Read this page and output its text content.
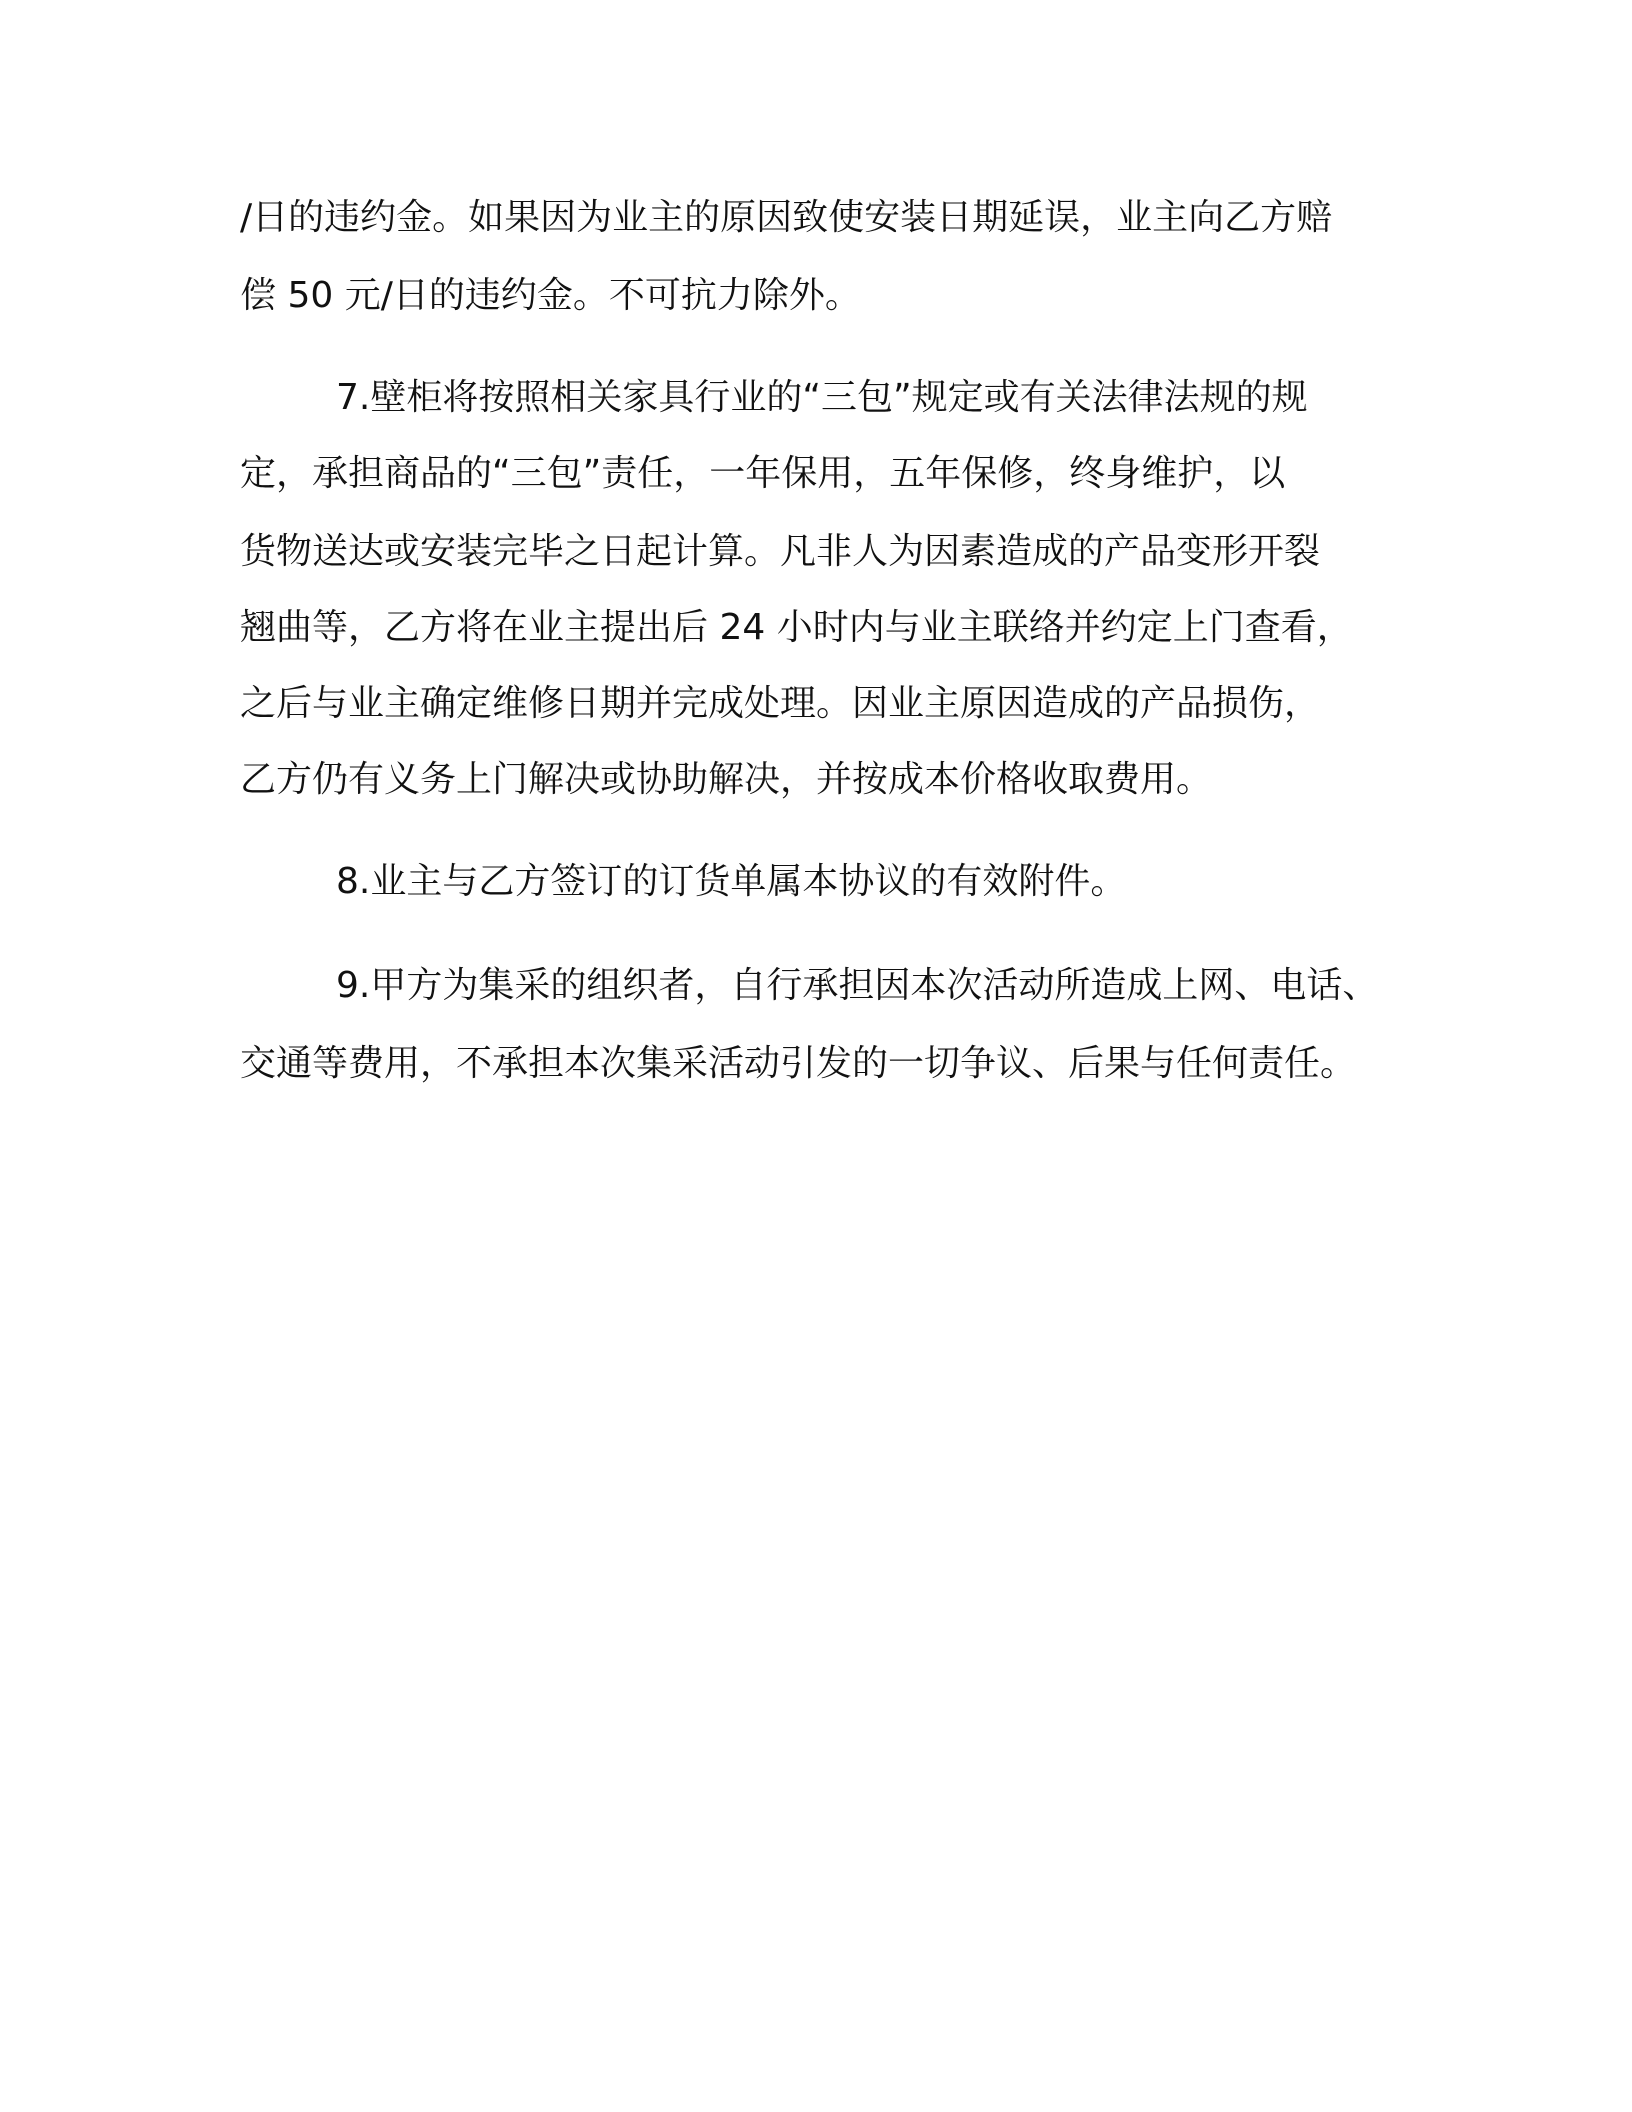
/日的违约金。如果因为业主的原因致使安装日期延误，业主向乙方赔
偿 50 元/日的违约金。不可抗力除外。
7.壁柜将按照相关家具行业的“三包”规定或有关法律法规的规
定，承担商品的“三包”责任，一年保用，五年保修，终身维护，以
货物送达或安装完毕之日起计算。凡非人为因素造成的产品变形开裂
翘曲等，乙方将在业主提出后 24 小时内与业主联络并约定上门查看，
之后与业主确定维修日期并完成处理。因业主原因造成的产品损伤，
乙方仍有义务上门解决或协助解决，并按成本价格收取费用。
8.业主与乙方签订的订货单属本协议的有效附件。
9.甲方为集采的组织者，自行承担因本次活动所造成上网、电话、
交通等费用，不承担本次集采活动引发的一切争议、后果与任何责任。
